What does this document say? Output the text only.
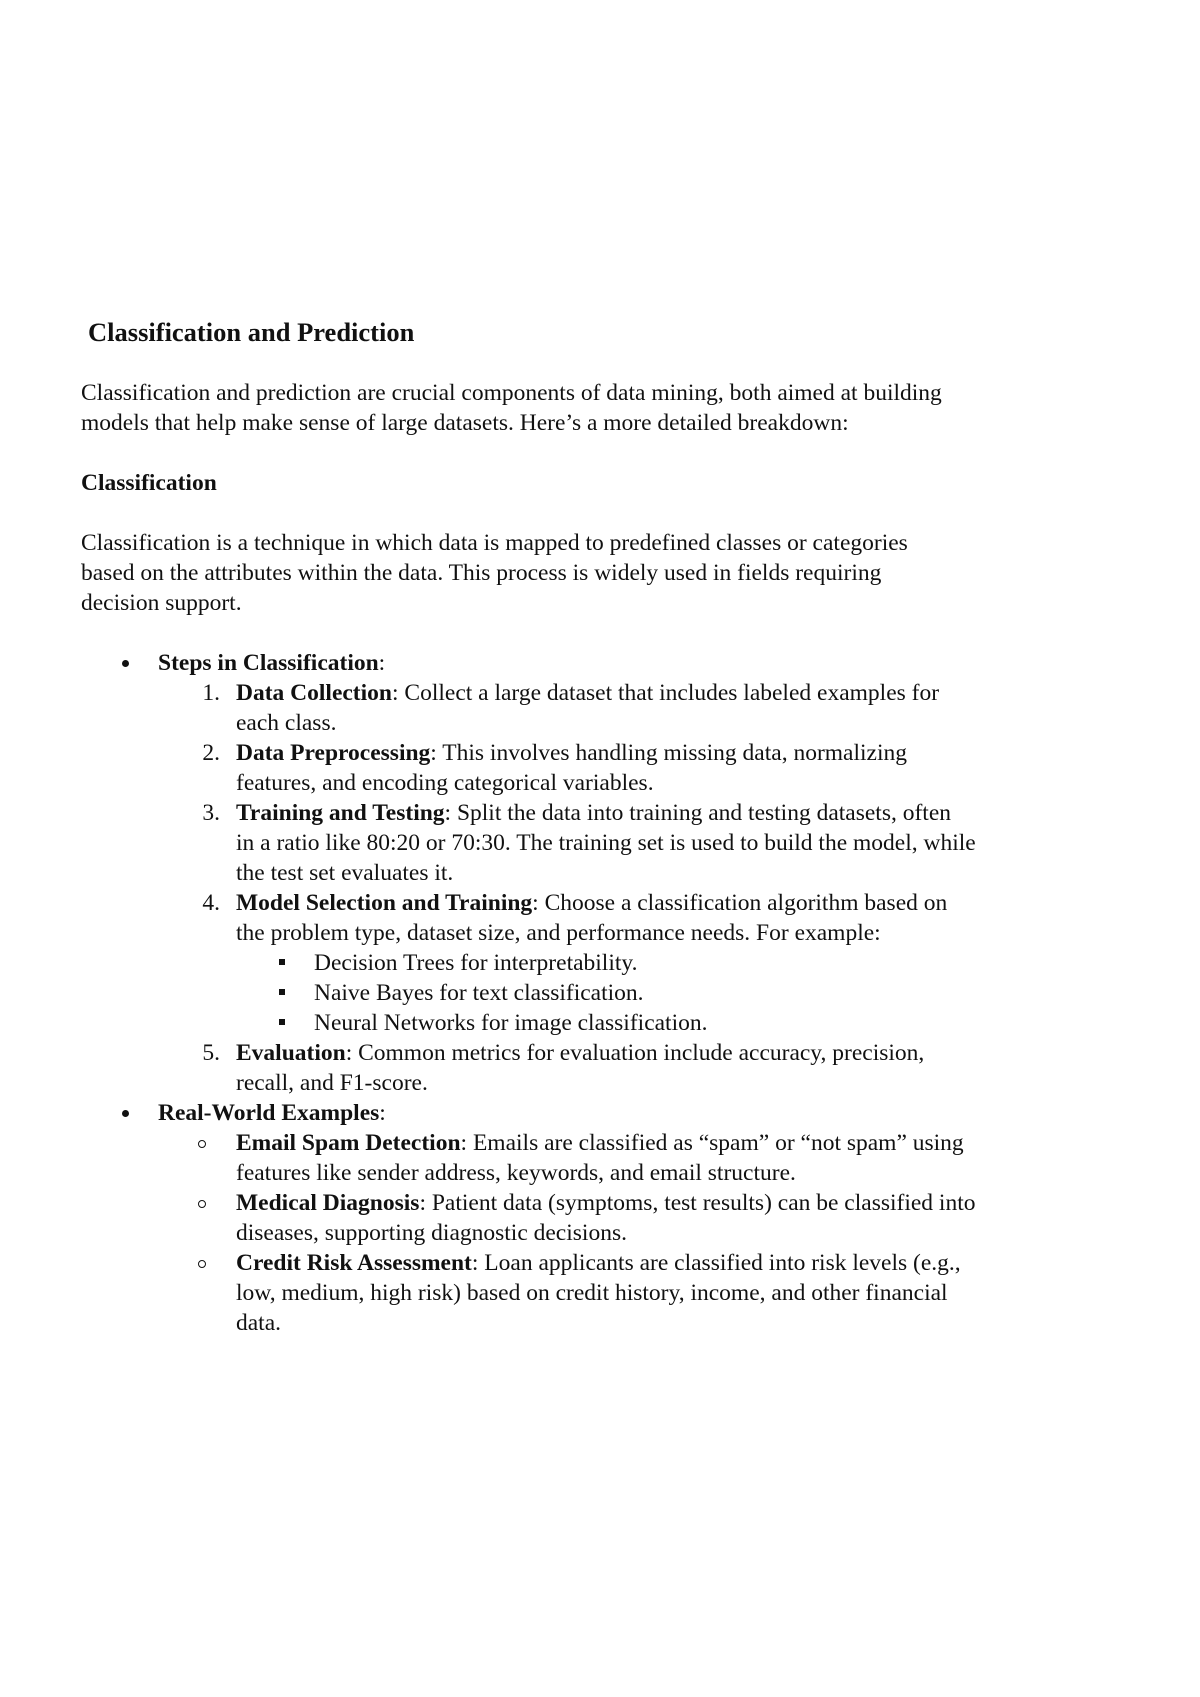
Classification and Prediction

Classification and prediction are crucial components of data mining, both aimed at building
models that help make sense of large datasets. Here’s a more detailed breakdown:

Classification

Classification is a technique in which data is mapped to predefined classes or categories
based on the attributes within the data. This process is widely used in fields requiring
decision support.

Steps in Classification:
1. Data Collection: Collect a large dataset that includes labeled examples for
each class.
2. Data Preprocessing: This involves handling missing data, normalizing
features, and encoding categorical variables.
3. Training and Testing: Split the data into training and testing datasets, often
in a ratio like 80:20 or 70:30. The training set is used to build the model, while
the test set evaluates it.
4. Model Selection and Training: Choose a classification algorithm based on
the problem type, dataset size, and performance needs. For example:
Decision Trees for interpretability.
Naive Bayes for text classification.
Neural Networks for image classification.
5. Evaluation: Common metrics for evaluation include accuracy, precision,
recall, and F1-score.
Real-World Examples:
Email Spam Detection: Emails are classified as “spam” or “not spam” using
features like sender address, keywords, and email structure.
Medical Diagnosis: Patient data (symptoms, test results) can be classified into
diseases, supporting diagnostic decisions.
Credit Risk Assessment: Loan applicants are classified into risk levels (e.g.,
low, medium, high risk) based on credit history, income, and other financial
data.
